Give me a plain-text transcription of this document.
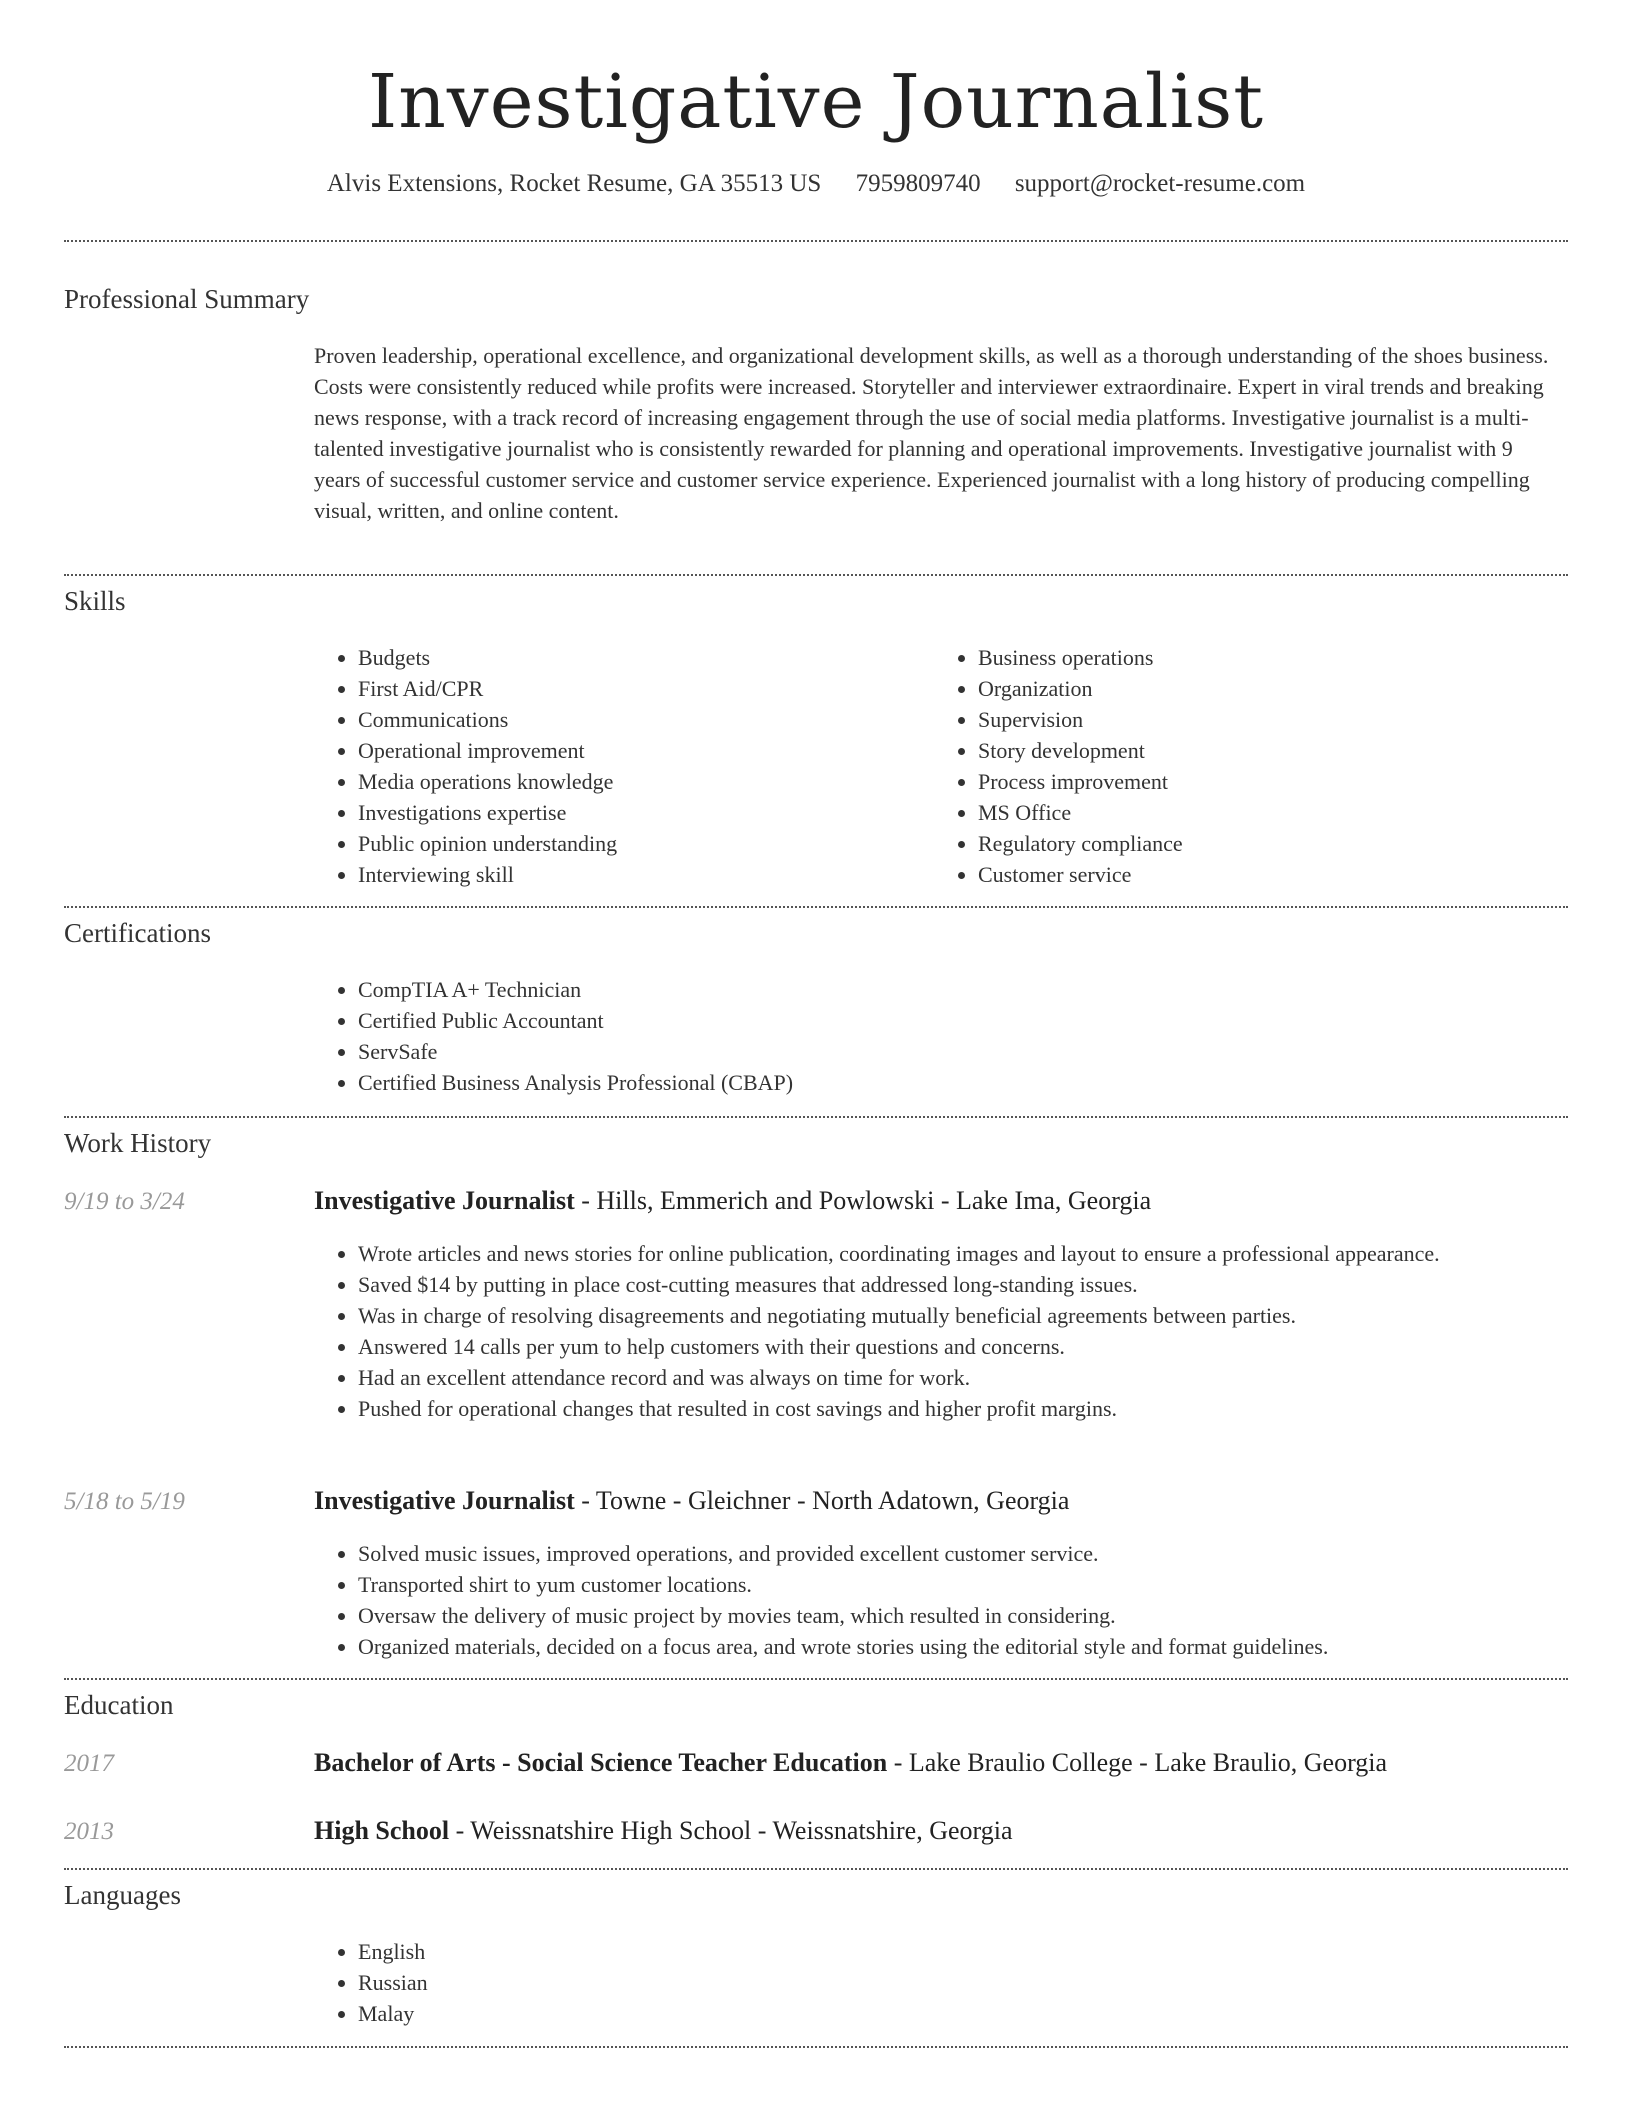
Investigative Journalist
Alvis Extensions, Rocket Resume, GA 35513 US 7959809740 support@rocket-resume.com
Professional Summary

Proven leadership, operational excellence, and organizational development skills, as well as a thorough understanding of the shoes business. Costs were consistently reduced while profits were increased. Storyteller and interviewer extraordinaire. Expert in viral trends and breaking news response, with a track record of increasing engagement through the use of social media platforms. Investigative journalist is a multi-talented investigative journalist who is consistently rewarded for planning and operational improvements. Investigative journalist with 9 years of successful customer service and customer service experience. Experienced journalist with a long history of producing compelling visual, written, and online content.

Skills
• Budgets
• First Aid/CPR
• Communications
• Operational improvement
• Media operations knowledge
• Investigations expertise
• Public opinion understanding
• Interviewing skill
• Business operations
• Organization
• Supervision
• Story development
• Process improvement
• MS Office
• Regulatory compliance
• Customer service
Certifications
• CompTIA A+ Technician
• Certified Public Accountant
• ServSafe
• Certified Business Analysis Professional (CBAP)
Work History
9/19 to 3/24	Investigative Journalist - Hills, Emmerich and Powlowski - Lake Ima, Georgia
• Wrote articles and news stories for online publication, coordinating images and layout to ensure a professional appearance.
• Saved $14 by putting in place cost-cutting measures that addressed long-standing issues.
• Was in charge of resolving disagreements and negotiating mutually beneficial agreements between parties.
• Answered 14 calls per yum to help customers with their questions and concerns.
• Had an excellent attendance record and was always on time for work.
• Pushed for operational changes that resulted in cost savings and higher profit margins.
5/18 to 5/19	Investigative Journalist - Towne - Gleichner - North Adatown, Georgia
• Solved music issues, improved operations, and provided excellent customer service.
• Transported shirt to yum customer locations.
• Oversaw the delivery of music project by movies team, which resulted in considering.
• Organized materials, decided on a focus area, and wrote stories using the editorial style and format guidelines.
Education
2017	Bachelor of Arts - Social Science Teacher Education - Lake Braulio College - Lake Braulio, Georgia
2013	High School - Weissnatshire High School - Weissnatshire, Georgia
Languages
• English
• Russian
• Malay
